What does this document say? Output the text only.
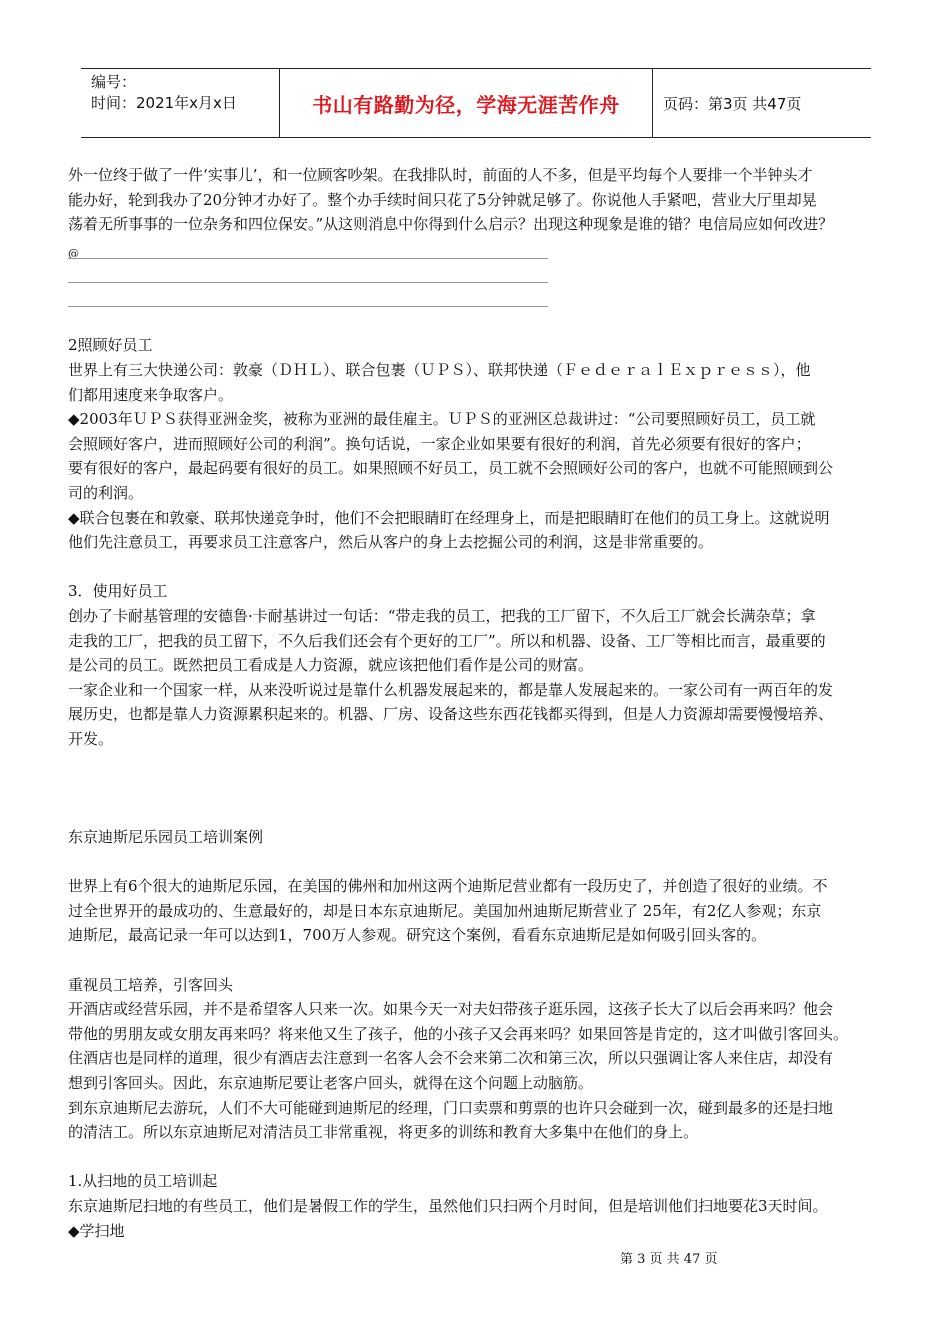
编号：
时间：2021年x月x日	书山有路勤为径，学海无涯苦作舟	页码：第3页 共47页

外一位终于做了一件‘实事儿’，和一位顾客吵架。在我排队时，前面的人不多，但是平均每个人要排一个半钟头才

能办好，轮到我办了20分钟才办好了。整个办手续时间只花了5分钟就足够了。你说他人手紧吧，营业大厅里却晃

荡着无所事事的一位杂务和四位保安。”从这则消息中你得到什么启示？出现这种现象是谁的错？电信局应如何改进？

@

2照顾好员工

世界上有三大快递公司：敦豪（ＤＨＬ）、联合包裹（ＵＰＳ）、联邦快递（ＦｅｄｅｒａｌＥｘｐｒｅｓｓ），他

们都用速度来争取客户。

◆2003年ＵＰＳ获得亚洲金奖，被称为亚洲的最佳雇主。ＵＰＳ的亚洲区总裁讲过：“公司要照顾好员工，员工就

会照顾好客户，进而照顾好公司的利润”。换句话说，一家企业如果要有很好的利润，首先必须要有很好的客户；

要有很好的客户，最起码要有很好的员工。如果照顾不好员工，员工就不会照顾好公司的客户，也就不可能照顾到公

司的利润。

◆联合包裹在和敦豪、联邦快递竞争时，他们不会把眼睛盯在经理身上，而是把眼睛盯在他们的员工身上。这就说明

他们先注意员工，再要求员工注意客户，然后从客户的身上去挖掘公司的利润，这是非常重要的。

3．使用好员工

创办了卡耐基管理的安德鲁·卡耐基讲过一句话：“带走我的员工，把我的工厂留下，不久后工厂就会长满杂草；拿

走我的工厂，把我的员工留下，不久后我们还会有个更好的工厂”。所以和机器、设备、工厂等相比而言，最重要的

是公司的员工。既然把员工看成是人力资源，就应该把他们看作是公司的财富。

一家企业和一个国家一样，从来没听说过是靠什么机器发展起来的，都是靠人发展起来的。一家公司有一两百年的发

展历史，也都是靠人力资源累积起来的。机器、厂房、设备这些东西花钱都买得到，但是人力资源却需要慢慢培养、

开发。

东京迪斯尼乐园员工培训案例

世界上有6个很大的迪斯尼乐园，在美国的佛州和加州这两个迪斯尼营业都有一段历史了，并创造了很好的业绩。不

过全世界开的最成功的、生意最好的，却是日本东京迪斯尼。美国加州迪斯尼斯营业了 25年，有2亿人参观；东京

迪斯尼，最高记录一年可以达到1，700万人参观。研究这个案例，看看东京迪斯尼是如何吸引回头客的。

重视员工培养，引客回头

开酒店或经营乐园，并不是希望客人只来一次。如果今天一对夫妇带孩子逛乐园，这孩子长大了以后会再来吗？他会

带他的男朋友或女朋友再来吗？将来他又生了孩子，他的小孩子又会再来吗？如果回答是肯定的，这才叫做引客回头。

住酒店也是同样的道理，很少有酒店去注意到一名客人会不会来第二次和第三次，所以只强调让客人来住店，却没有

想到引客回头。因此，东京迪斯尼要让老客户回头，就得在这个问题上动脑筋。

到东京迪斯尼去游玩，人们不大可能碰到迪斯尼的经理，门口卖票和剪票的也许只会碰到一次，碰到最多的还是扫地

的清洁工。所以东京迪斯尼对清洁员工非常重视，将更多的训练和教育大多集中在他们的身上。

1.从扫地的员工培训起

东京迪斯尼扫地的有些员工，他们是暑假工作的学生，虽然他们只扫两个月时间，但是培训他们扫地要花3天时间。

◆学扫地

第 3 页 共 47 页
